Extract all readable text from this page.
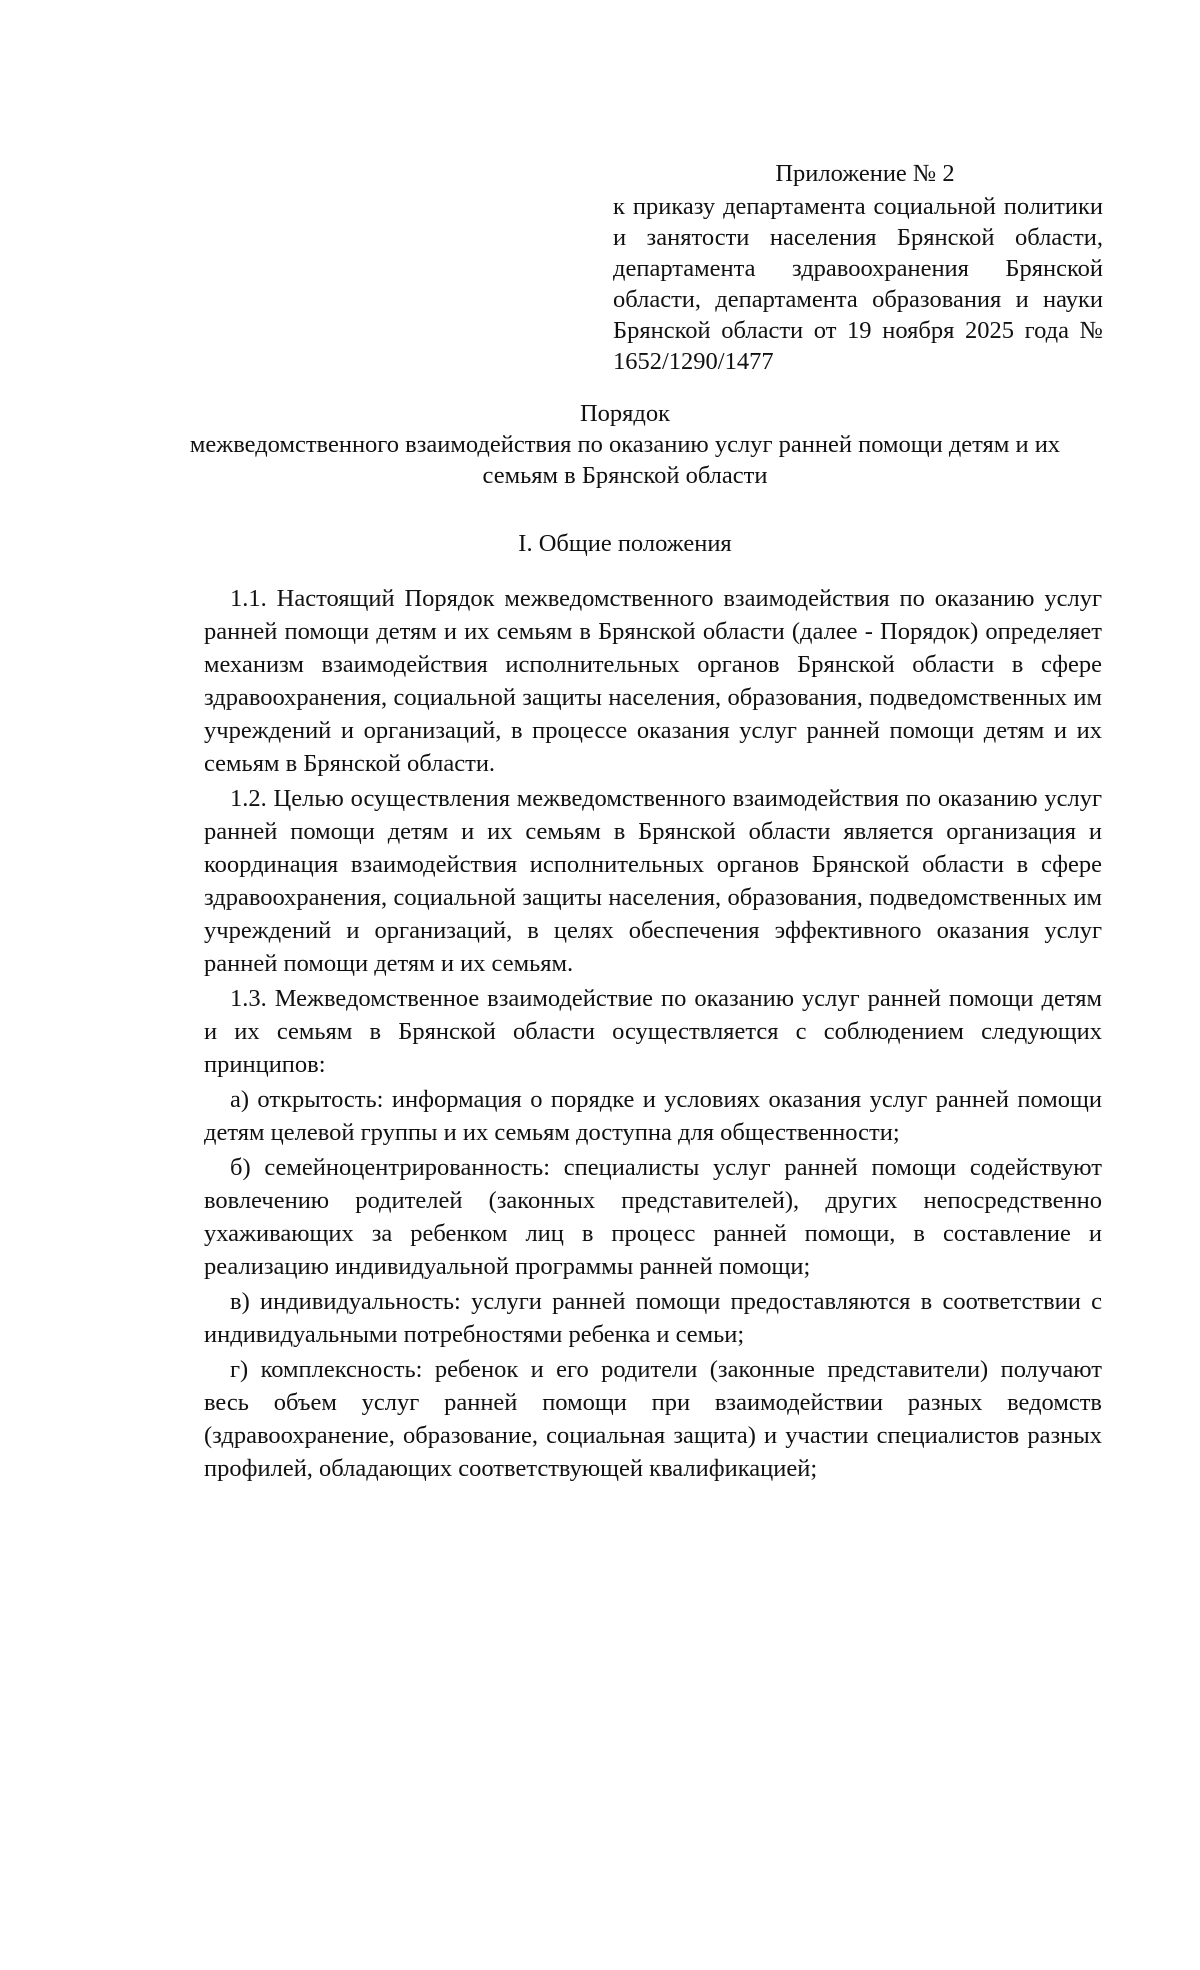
Приложение № 2
к приказу департамента социальной политики и занятости населения Брянской области, департамента здравоохранения Брянской области, департамента образования и науки Брянской области от 19 ноября 2025 года № 1652/1290/1477
Порядок
межведомственного взаимодействия по оказанию услуг ранней помощи детям и их семьям в Брянской области
I. Общие положения

1.1. Настоящий Порядок межведомственного взаимодействия по оказанию услуг ранней помощи детям и их семьям в Брянской области (далее - Порядок) определяет механизм взаимодействия исполнительных органов Брянской области в сфере здравоохранения, социальной защиты населения, образования, подведомственных им учреждений и организаций, в процессе оказания услуг ранней помощи детям и их семьям в Брянской области.

1.2. Целью осуществления межведомственного взаимодействия по оказанию услуг ранней помощи детям и их семьям в Брянской области является организация и координация взаимодействия исполнительных органов Брянской области в сфере здравоохранения, социальной защиты населения, образования, подведомственных им учреждений и организаций, в целях обеспечения эффективного оказания услуг ранней помощи детям и их семьям.

1.3. Межведомственное взаимодействие по оказанию услуг ранней помощи детям и их семьям в Брянской области осуществляется с соблюдением следующих принципов:

а) открытость: информация о порядке и условиях оказания услуг ранней помощи детям целевой группы и их семьям доступна для общественности;

б) семейноцентрированность: специалисты услуг ранней помощи содействуют вовлечению родителей (законных представителей), других непосредственно ухаживающих за ребенком лиц в процесс ранней помощи, в составление и реализацию индивидуальной программы ранней помощи;

в) индивидуальность: услуги ранней помощи предоставляются в соответствии с индивидуальными потребностями ребенка и семьи;

г) комплексность: ребенок и его родители (законные представители) получают весь объем услуг ранней помощи при взаимодействии разных ведомств (здравоохранение, образование, социальная защита) и участии специалистов разных профилей, обладающих соответствующей квалификацией;
